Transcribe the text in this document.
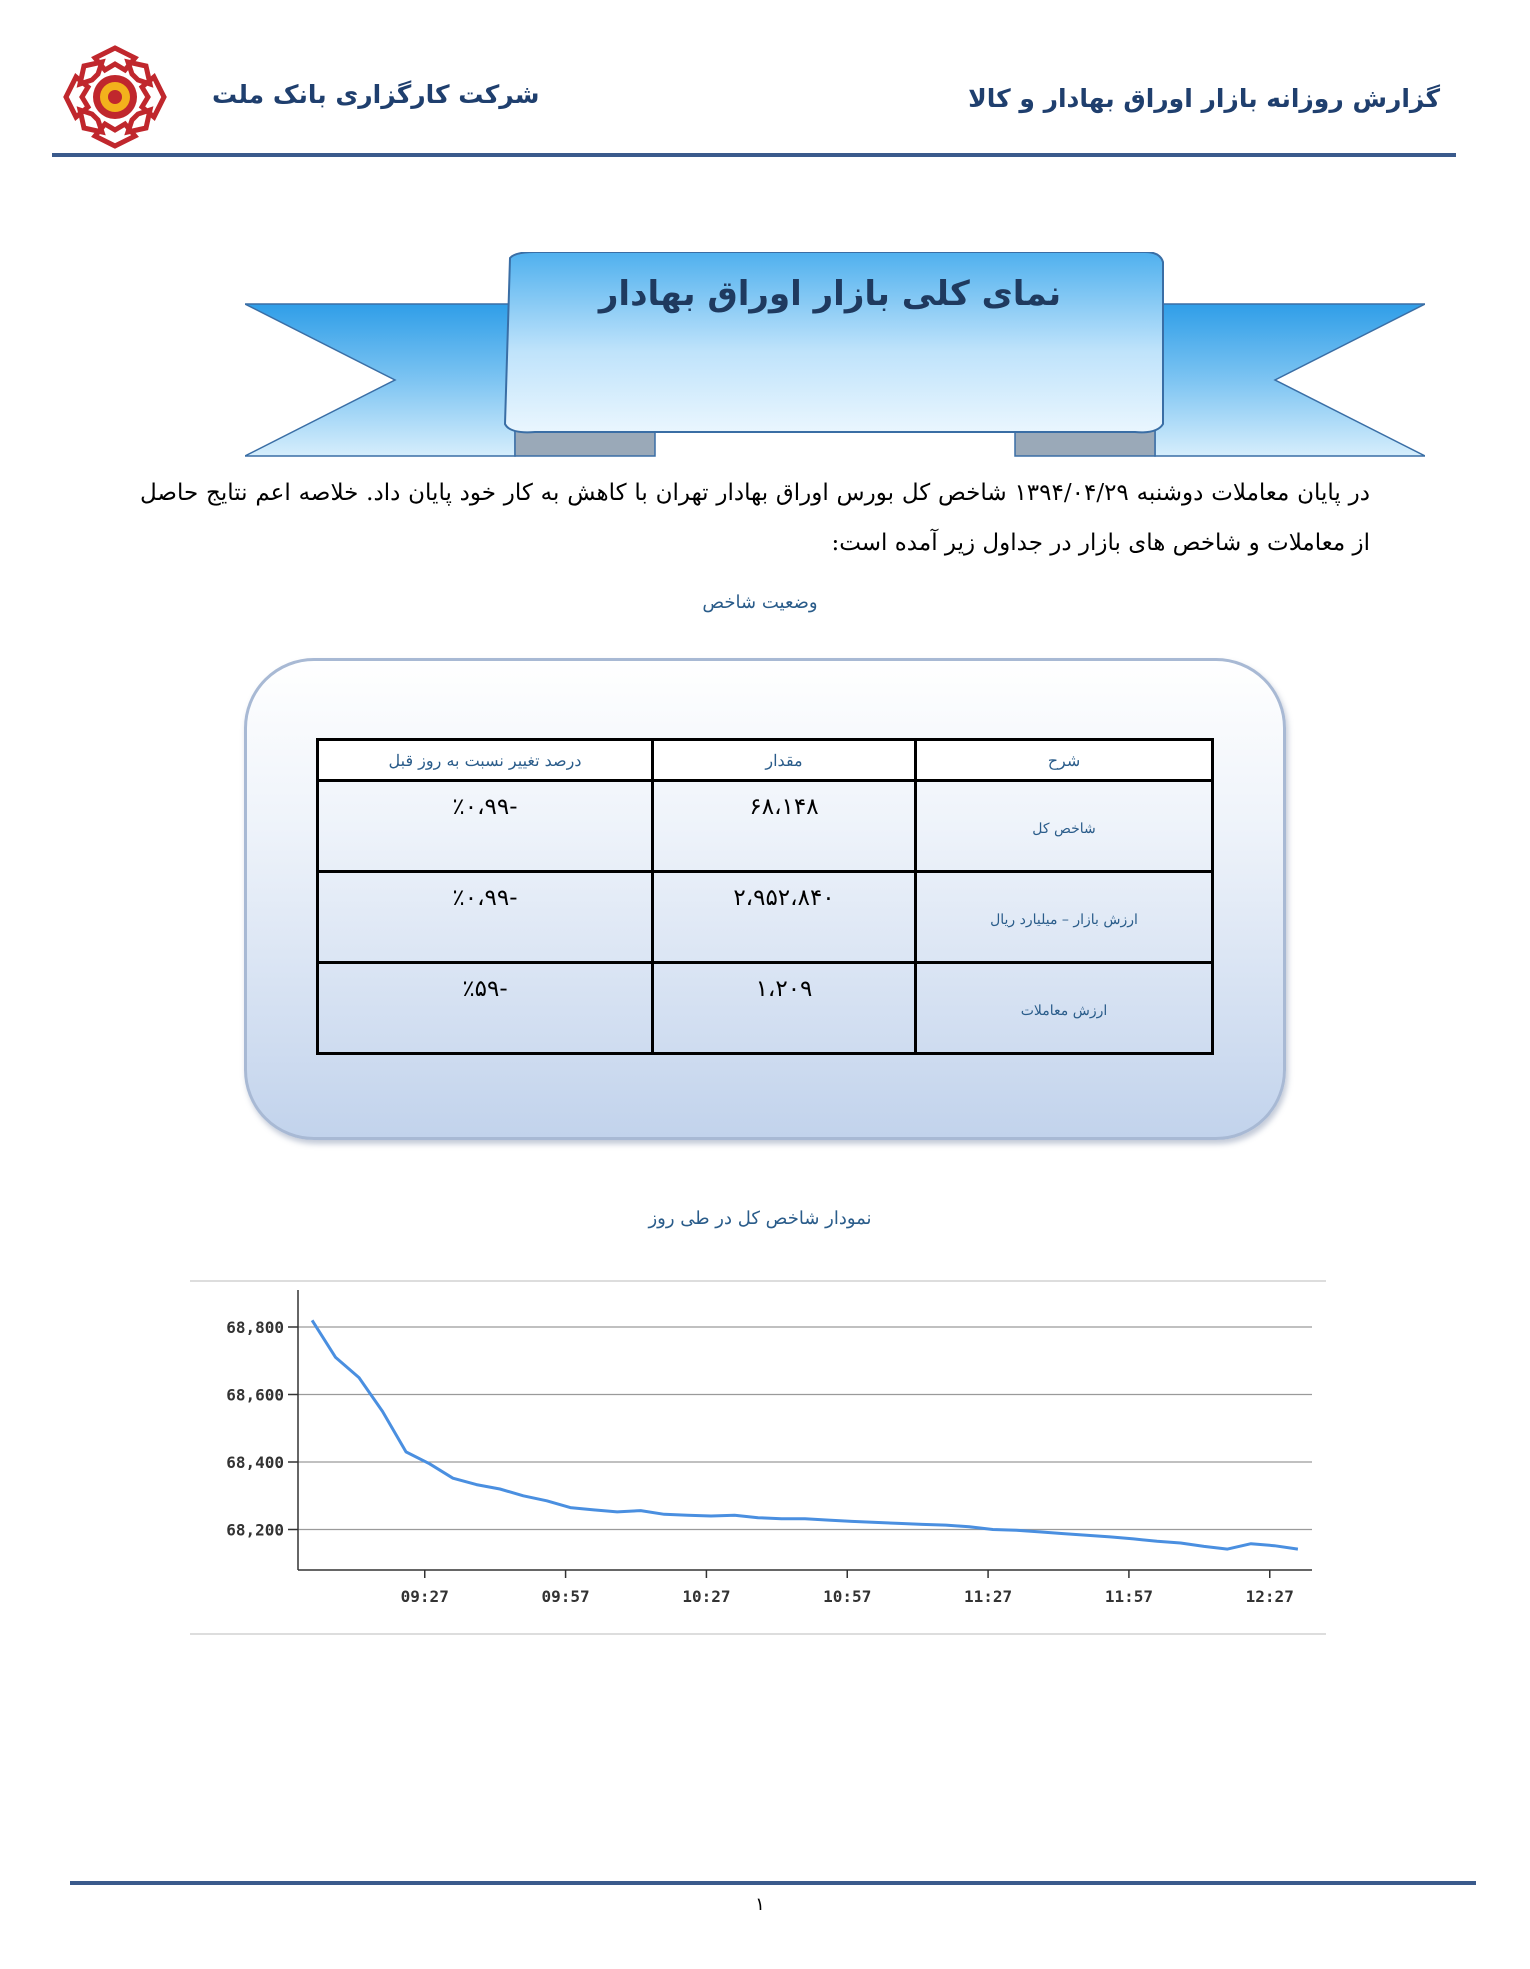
شرکت کارگزاری بانک ملت	گزارش روزانه بازار اوراق بهادار و کالا
نمای کلی بازار اوراق بهادار
در پایان معاملات دوشنبه ۱۳۹۴/۰۴/۲۹ شاخص کل بورس اوراق بهادار تهران با کاهش به کار خود پایان داد. خلاصه اعم نتایج حاصل از معاملات و شاخص های بازار در جداول زیر آمده است:
وضعیت شاخص
شرح	مقدار	درصد تغییر نسبت به روز قبل
شاخص کل	۶۸،۱۴۸	-٪۰،۹۹
ارزش بازار – میلیارد ریال	۲،۹۵۲،۸۴۰	-٪۰،۹۹
ارزش معاملات	۱،۲۰۹	-٪۵۹
نمودار شاخص کل در طی روز
68,800
68,600
68,400
68,200
09:27	09:57	10:27	10:57	11:27	11:57	12:27
۱
